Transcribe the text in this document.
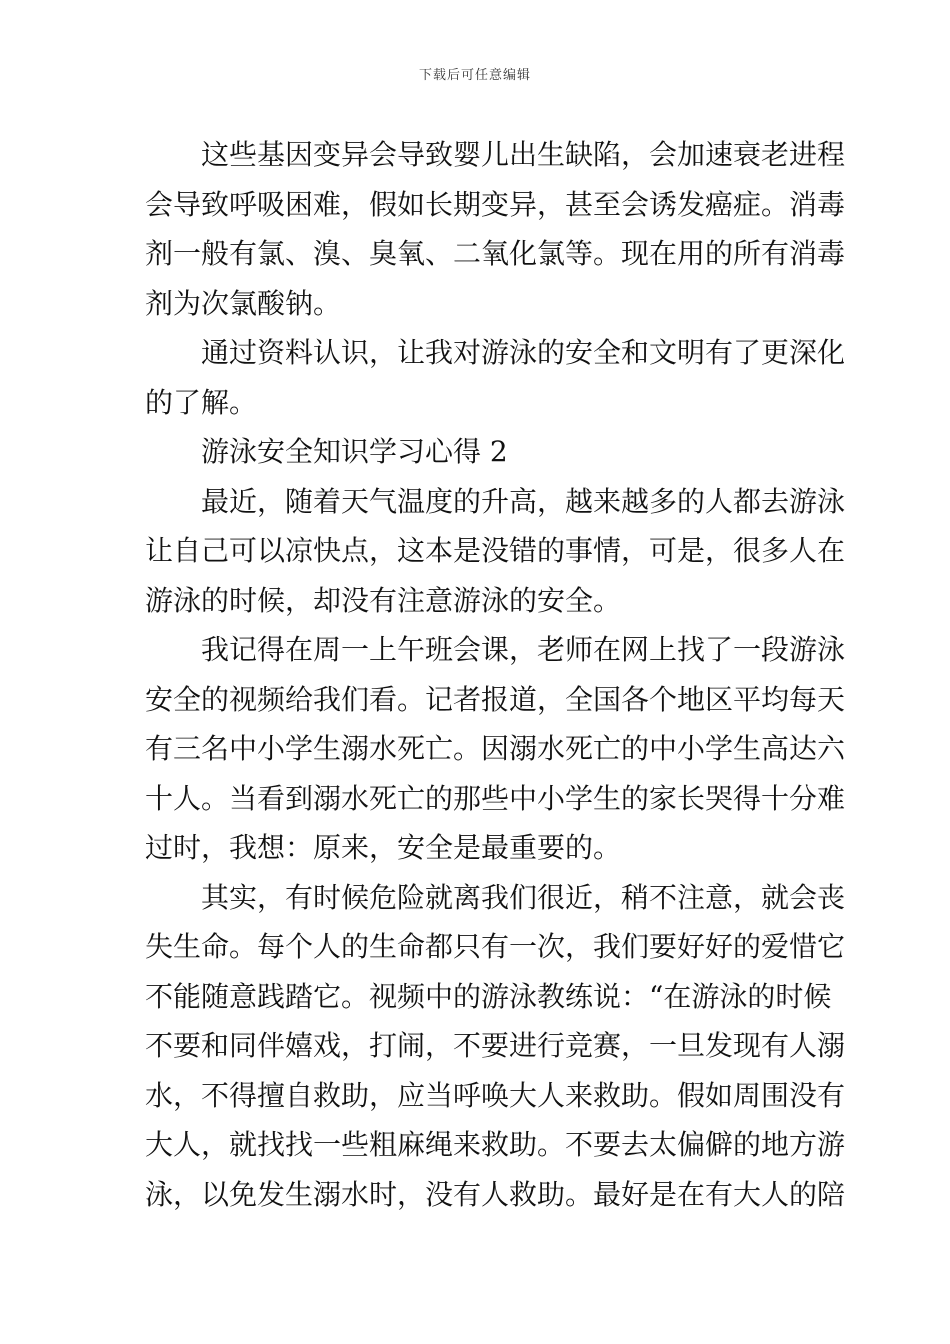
下载后可任意编辑
这些基因变异会导致婴儿出生缺陷，会加速衰老进程
会导致呼吸困难，假如长期变异，甚至会诱发癌症。消毒
剂一般有氯、溴、臭氧、二氧化氯等。现在用的所有消毒
剂为次氯酸钠。
通过资料认识，让我对游泳的安全和文明有了更深化
的了解。
游泳安全知识学习心得 2
最近，随着天气温度的升高，越来越多的人都去游泳
让自己可以凉快点，这本是没错的事情，可是，很多人在
游泳的时候，却没有注意游泳的安全。
我记得在周一上午班会课，老师在网上找了一段游泳
安全的视频给我们看。记者报道，全国各个地区平均每天
有三名中小学生溺水死亡。因溺水死亡的中小学生高达六
十人。当看到溺水死亡的那些中小学生的家长哭得十分难
过时，我想：原来，安全是最重要的。
其实，有时候危险就离我们很近，稍不注意，就会丧
失生命。每个人的生命都只有一次，我们要好好的爱惜它
不能随意践踏它。视频中的游泳教练说：“在游泳的时候
不要和同伴嬉戏，打闹，不要进行竞赛，一旦发现有人溺
水，不得擅自救助，应当呼唤大人来救助。假如周围没有
大人，就找找一些粗麻绳来救助。不要去太偏僻的地方游
泳，以免发生溺水时，没有人救助。最好是在有大人的陪
